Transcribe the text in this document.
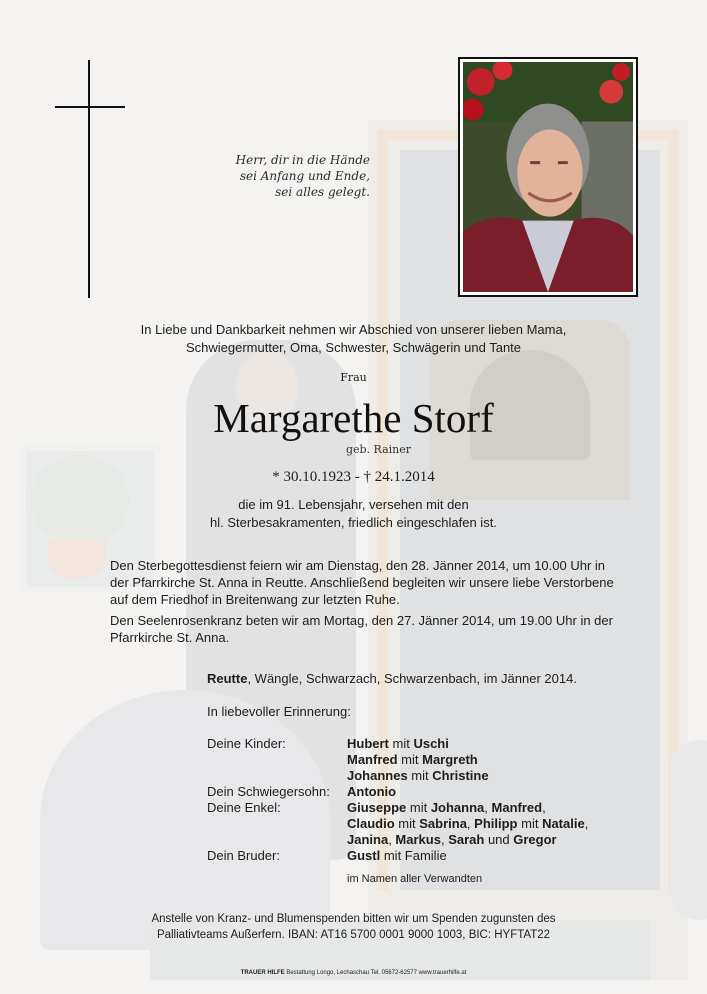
Herr, dir in die Hände
sei Anfang und Ende,
sei alles gelegt.
In Liebe und Dankbarkeit nehmen wir Abschied von unserer lieben Mama,
Schwiegermutter, Oma, Schwester, Schwägerin und Tante
Frau
Margarethe Storf
geb. Rainer
* 30.10.1923 - † 24.1.2014
die im 91. Lebensjahr, versehen mit den
hl. Sterbesakramenten, friedlich eingeschlafen ist.
Den Sterbegottesdienst feiern wir am Dienstag, den 28. Jänner 2014, um 10.00 Uhr in
der Pfarrkirche St. Anna in Reutte. Anschließend begleiten wir unsere liebe Verstorbene
auf dem Friedhof in Breitenwang zur letzten Ruhe.
Den Seelenrosenkranz beten wir am Mortag, den 27. Jänner 2014, um 19.00 Uhr in der
Pfarrkirche St. Anna.
Reutte, Wängle, Schwarzach, Schwarzenbach, im Jänner 2014.
In liebevoller Erinnerung:
Deine Kinder:	Hubert mit Uschi
Manfred mit Margreth
Johannes mit Christine
Dein Schwiegersohn:	Antonio
Deine Enkel:	Giuseppe mit Johanna, Manfred,
Claudio mit Sabrina, Philipp mit Natalie,
Janina, Markus, Sarah und Gregor
Dein Bruder:	Gustl mit Familie
im Namen aller Verwandten
Anstelle von Kranz- und Blumenspenden bitten wir um Spenden zugunsten des
Palliativteams Außerfern. IBAN: AT16 5700 0001 9000 1003, BIC: HYFTAT22
TRAUER HILFE Bestattung Longo, Lechaschau Tel. 05672-62577 www.trauerhilfe.at
